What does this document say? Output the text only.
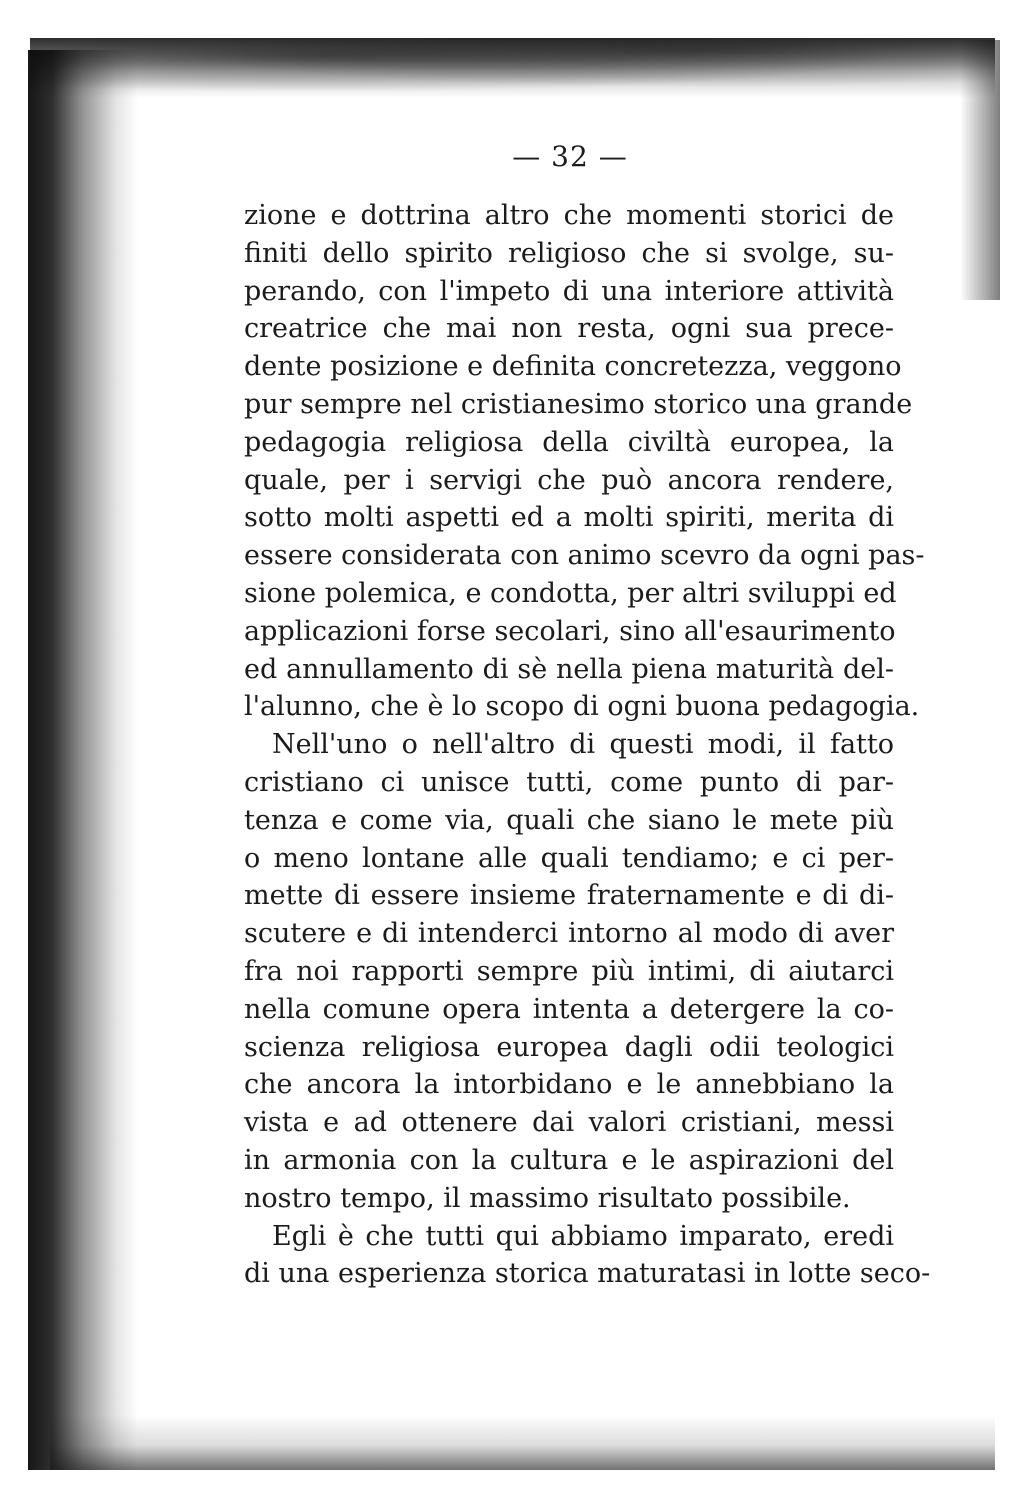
— 32 —
zione e dottrina altro che momenti storici de
finiti dello spirito religioso che si svolge, su-
perando, con l'impeto di una interiore attività
creatrice che mai non resta, ogni sua prece-
dente posizione e definita concretezza, veggono
pur sempre nel cristianesimo storico una grande
pedagogia religiosa della civiltà europea, la
quale, per i servigi che può ancora rendere,
sotto molti aspetti ed a molti spiriti, merita di
essere considerata con animo scevro da ogni pas-
sione polemica, e condotta, per altri sviluppi ed
applicazioni forse secolari, sino all'esaurimento
ed annullamento di sè nella piena maturità del-
l'alunno, che è lo scopo di ogni buona pedagogia.
Nell'uno o nell'altro di questi modi, il fatto
cristiano ci unisce tutti, come punto di par-
tenza e come via, quali che siano le mete più
o meno lontane alle quali tendiamo; e ci per-
mette di essere insieme fraternamente e di di-
scutere e di intenderci intorno al modo di aver
fra noi rapporti sempre più intimi, di aiutarci
nella comune opera intenta a detergere la co-
scienza religiosa europea dagli odii teologici
che ancora la intorbidano e le annebbiano la
vista e ad ottenere dai valori cristiani, messi
in armonia con la cultura e le aspirazioni del
nostro tempo, il massimo risultato possibile.
Egli è che tutti qui abbiamo imparato, eredi
di una esperienza storica maturatasi in lotte seco-
